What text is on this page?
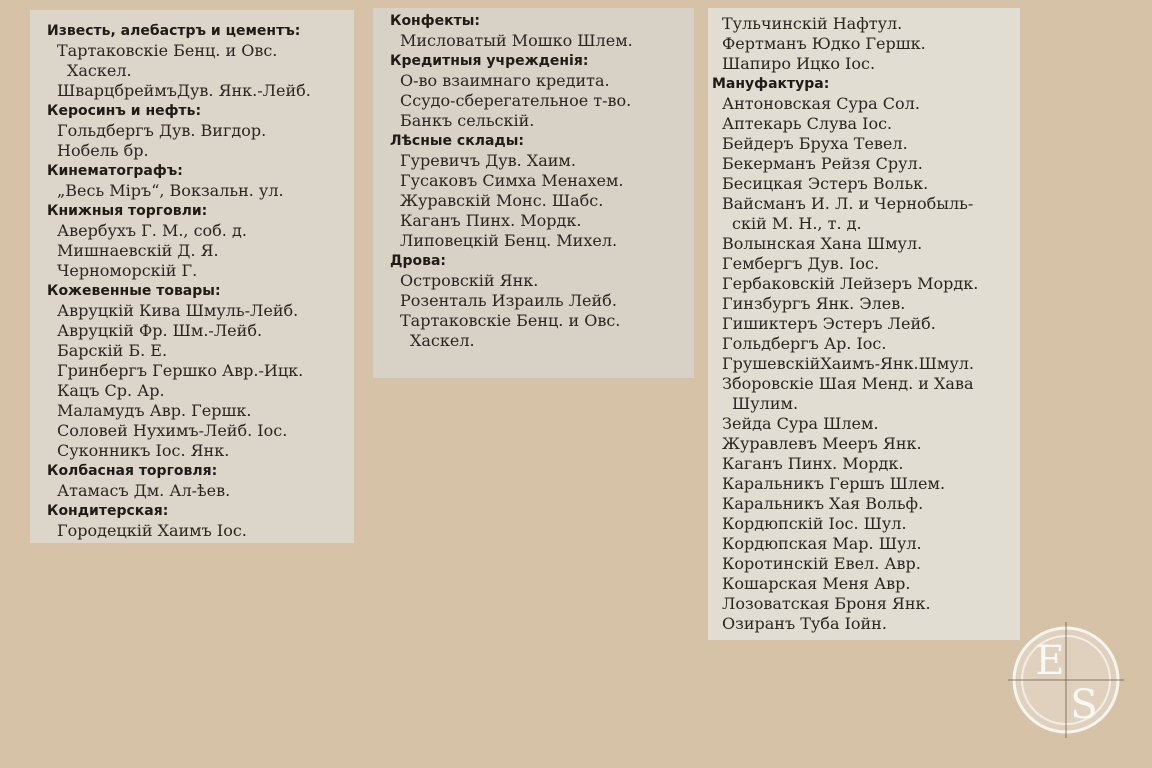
E
S
Известь, алебастръ и цементъ:
Тартаковскіе Бенц. и Овс.
Хаскел.
ШварцбреймъДув. Янк.-Лейб.
Керосинъ и нефть:
Гольдбергъ Дув. Вигдор.
Нобель бр.
Кинематографъ:
„Весь Міръ“, Вокзальн. ул.
Книжныя торговли:
Авербухъ Г. М., соб. д.
Мишнаевскій Д. Я.
Черноморскій Г.
Кожевенные товары:
Авруцкій Кива Шмуль-Лейб.
Авруцкій Фр. Шм.-Лейб.
Барскій Б. Е.
Гринбергъ Гершко Авр.-Ицк.
Кацъ Ср. Ар.
Маламудъ Авр. Гершк.
Соловей Нухимъ-Лейб. Іос.
Суконникъ Іос. Янк.
Колбасная торговля:
Атамасъ Дм. Ал-ѣев.
Кондитерская:
Городецкій Хаимъ Іос.
Конфекты:
Мисловатый Мошко Шлем.
Кредитныя учрежденія:
О-во взаимнаго кредита.
Ссудо-сберегательное т-во.
Банкъ сельскій.
Лѣсные склады:
Гуревичъ Дув. Хаим.
Гусаковъ Симха Менахем.
Журавскій Монс. Шабс.
Каганъ Пинх. Мордк.
Липовецкій Бенц. Михел.
Дрова:
Островскій Янк.
Розенталь Израиль Лейб.
Тартаковскіе Бенц. и Овс.
Хаскел.
Тульчинскій Нафтул.
Фертманъ Юдко Гершк.
Шапиро Ицко Іос.
Мануфактура:
Антоновская Сура Сол.
Аптекарь Слува Іос.
Бейдеръ Бруха Тевел.
Бекерманъ Рейзя Срул.
Бесицкая Эстеръ Вольк.
Вайсманъ И. Л. и Чернобыль-
скій М. Н., т. д.
Волынская Хана Шмул.
Гембергъ Дув. Іос.
Гербаковскій Лейзеръ Мордк.
Гинзбургъ Янк. Элев.
Гишиктеръ Эстеръ Лейб.
Гольдбергъ Ар. Іос.
ГрушевскійХаимъ-Янк.Шмул.
Зборовскіе Шая Менд. и Хава
Шулим.
Зейда Сура Шлем.
Журавлевъ Мееръ Янк.
Каганъ Пинх. Мордк.
Каральникъ Гершъ Шлем.
Каральникъ Хая Вольф.
Кордюпскій Іос. Шул.
Кордюпская Мар. Шул.
Коротинскій Евел. Авр.
Кошарская Меня Авр.
Лозоватская Броня Янк.
Озиранъ Туба Іойн.
